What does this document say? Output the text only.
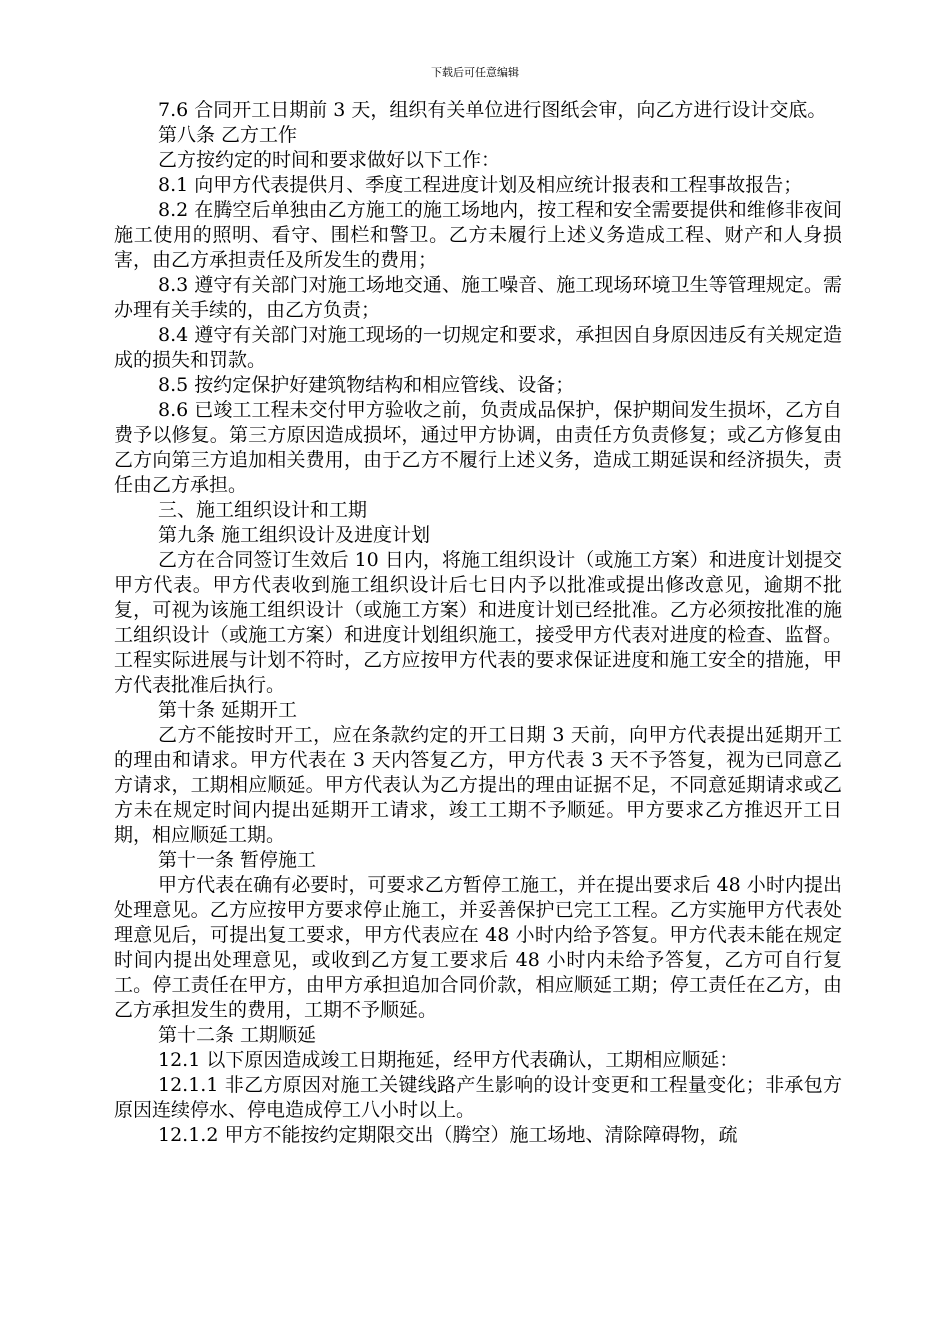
下载后可任意编辑

7.6 合同开工日期前 3 天，组织有关单位进行图纸会审，向乙方进行设计交底。

第八条 乙方工作

乙方按约定的时间和要求做好以下工作：

8.1 向甲方代表提供月、季度工程进度计划及相应统计报表和工程事故报告；

8.2 在腾空后单独由乙方施工的施工场地内，按工程和安全需要提供和维修非夜间施工使用的照明、看守、围栏和警卫。乙方未履行上述义务造成工程、财产和人身损害，由乙方承担责任及所发生的费用；

8.3 遵守有关部门对施工场地交通、施工噪音、施工现场环境卫生等管理规定。需办理有关手续的，由乙方负责；

8.4 遵守有关部门对施工现场的一切规定和要求，承担因自身原因违反有关规定造成的损失和罚款。

8.5 按约定保护好建筑物结构和相应管线、设备；

8.6 已竣工工程未交付甲方验收之前，负责成品保护，保护期间发生损坏，乙方自费予以修复。第三方原因造成损坏，通过甲方协调，由责任方负责修复；或乙方修复由乙方向第三方追加相关费用，由于乙方不履行上述义务，造成工期延误和经济损失，责任由乙方承担。

三、施工组织设计和工期

第九条 施工组织设计及进度计划

乙方在合同签订生效后 10 日内，将施工组织设计（或施工方案）和进度计划提交甲方代表。甲方代表收到施工组织设计后七日内予以批准或提出修改意见，逾期不批复，可视为该施工组织设计（或施工方案）和进度计划已经批准。乙方必须按批准的施工组织设计（或施工方案）和进度计划组织施工，接受甲方代表对进度的检查、监督。工程实际进展与计划不符时，乙方应按甲方代表的要求保证进度和施工安全的措施，甲方代表批准后执行。

第十条 延期开工

乙方不能按时开工，应在条款约定的开工日期 3 天前，向甲方代表提出延期开工的理由和请求。甲方代表在 3 天内答复乙方，甲方代表 3 天不予答复，视为已同意乙方请求，工期相应顺延。甲方代表认为乙方提出的理由证据不足，不同意延期请求或乙方未在规定时间内提出延期开工请求，竣工工期不予顺延。甲方要求乙方推迟开工日期，相应顺延工期。

第十一条 暂停施工

甲方代表在确有必要时，可要求乙方暂停工施工，并在提出要求后 48 小时内提出处理意见。乙方应按甲方要求停止施工，并妥善保护已完工工程。乙方实施甲方代表处理意见后，可提出复工要求，甲方代表应在 48 小时内给予答复。甲方代表未能在规定时间内提出处理意见，或收到乙方复工要求后 48 小时内未给予答复，乙方可自行复工。停工责任在甲方，由甲方承担追加合同价款，相应顺延工期；停工责任在乙方，由乙方承担发生的费用，工期不予顺延。

第十二条 工期顺延

12.1 以下原因造成竣工日期拖延，经甲方代表确认，工期相应顺延：

12.1.1 非乙方原因对施工关键线路产生影响的设计变更和工程量变化；非承包方原因连续停水、停电造成停工八小时以上。

12.1.2 甲方不能按约定期限交出（腾空）施工场地、清除障碍物，疏
